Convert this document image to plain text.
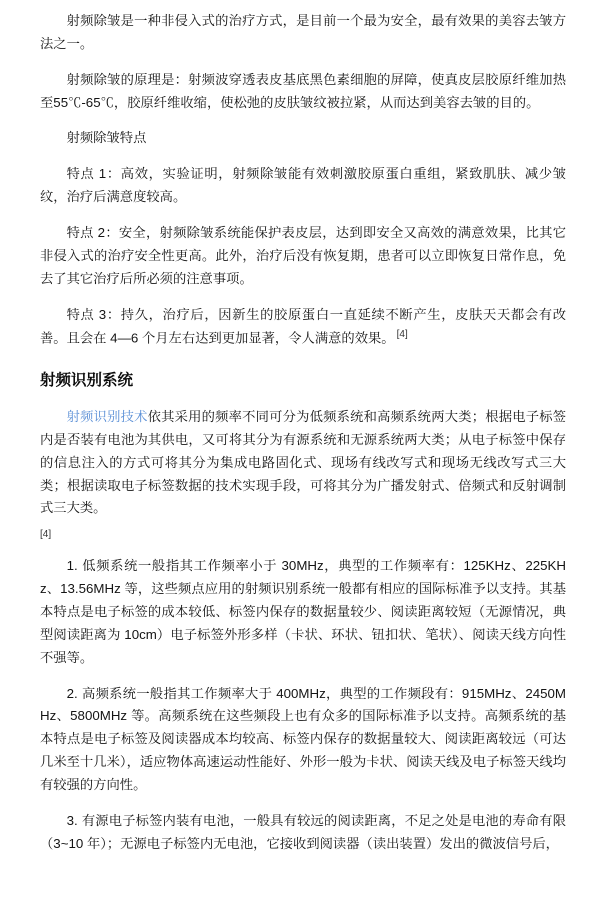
射频除皱是一种非侵入式的治疗方式，是目前一个最为安全，最有效果的美容去皱方法之一。

射频除皱的原理是：射频波穿透表皮基底黑色素细胞的屏障，使真皮层胶原纤维加热至55℃-65℃，胶原纤维收缩，使松弛的皮肤皱纹被拉紧，从而达到美容去皱的目的。

射频除皱特点

特点 1：高效，实验证明，射频除皱能有效刺激胶原蛋白重组，紧致肌肤、减少皱纹，治疗后满意度较高。

特点 2：安全，射频除皱系统能保护表皮层，达到即安全又高效的满意效果，比其它非侵入式的治疗安全性更高。此外，治疗后没有恢复期，患者可以立即恢复日常作息，免去了其它治疗后所必须的注意事项。

特点 3：持久，治疗后，因新生的胶原蛋白一直延续不断产生，皮肤天天都会有改善。且会在 4—6 个月左右达到更加显著，令人满意的效果。 [4]

射频识别系统

射频识别技术依其采用的频率不同可分为低频系统和高频系统两大类；根据电子标签内是否装有电池为其供电，又可将其分为有源系统和无源系统两大类；从电子标签中保存的信息注入的方式可将其分为集成电路固化式、现场有线改写式和现场无线改写式三大类；根据读取电子标签数据的技术实现手段，可将其分为广播发射式、倍频式和反射调制式三大类。

[4]

1. 低频系统一般指其工作频率小于 30MHz，典型的工作频率有：125KHz、225KHz、13.56MHz 等，这些频点应用的射频识别系统一般都有相应的国际标准予以支持。其基本特点是电子标签的成本较低、标签内保存的数据量较少、阅读距离较短（无源情况，典型阅读距离为 10cm）电子标签外形多样（卡状、环状、钮扣状、笔状）、阅读天线方向性不强等。

2. 高频系统一般指其工作频率大于 400MHz，典型的工作频段有：915MHz、2450MHz、5800MHz 等。高频系统在这些频段上也有众多的国际标准予以支持。高频系统的基本特点是电子标签及阅读器成本均较高、标签内保存的数据量较大、阅读距离较远（可达几米至十几米），适应物体高速运动性能好、外形一般为卡状、阅读天线及电子标签天线均有较强的方向性。

3. 有源电子标签内装有电池，一般具有较远的阅读距离，不足之处是电池的寿命有限（3~10 年）；无源电子标签内无电池，它接收到阅读器（读出装置）发出的微波信号后，
